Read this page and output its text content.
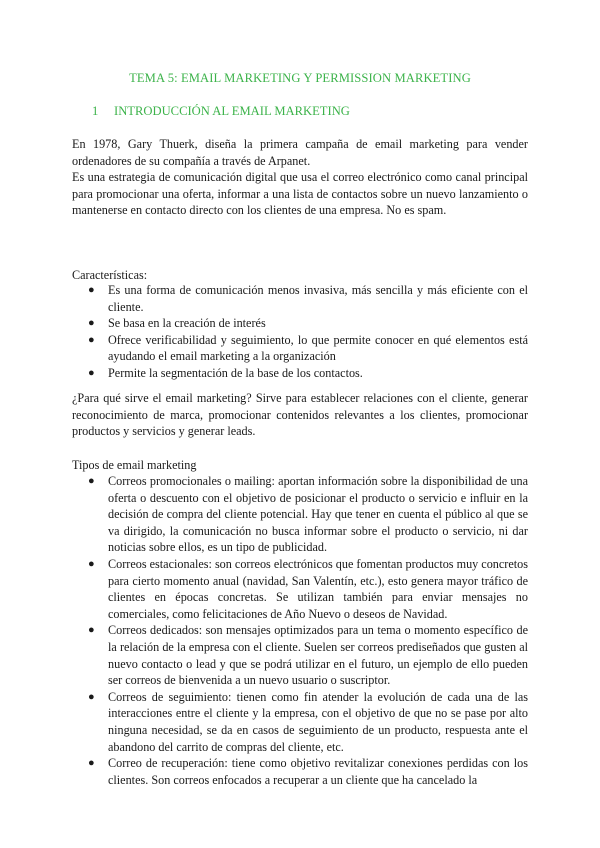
TEMA 5: EMAIL MARKETING Y PERMISSION MARKETING
1 INTRODUCCIÓN AL EMAIL MARKETING

En 1978, Gary Thuerk, diseña la primera campaña de email marketing para vender ordenadores de su compañía a través de Arpanet.

Es una estrategia de comunicación digital que usa el correo electrónico como canal principal para promocionar una oferta, informar a una lista de contactos sobre un nuevo lanzamiento o mantenerse en contacto directo con los clientes de una empresa. No es spam.

Características:
● Es una forma de comunicación menos invasiva, más sencilla y más eficiente con el cliente.
● Se basa en la creación de interés
● Ofrece verificabilidad y seguimiento, lo que permite conocer en qué elementos está ayudando el email marketing a la organización
● Permite la segmentación de la base de los contactos.
¿Para qué sirve el email marketing? Sirve para establecer relaciones con el cliente, generar reconocimiento de marca, promocionar contenidos relevantes a los clientes, promocionar productos y servicios y generar leads.
Tipos de email marketing
● Correos promocionales o mailing: aportan información sobre la disponibilidad de una oferta o descuento con el objetivo de posicionar el producto o servicio e influir en la decisión de compra del cliente potencial. Hay que tener en cuenta el público al que se va dirigido, la comunicación no busca informar sobre el producto o servicio, ni dar noticias sobre ellos, es un tipo de publicidad.
● Correos estacionales: son correos electrónicos que fomentan productos muy concretos para cierto momento anual (navidad, San Valentín, etc.), esto genera mayor tráfico de clientes en épocas concretas. Se utilizan también para enviar mensajes no comerciales, como felicitaciones de Año Nuevo o deseos de Navidad.
● Correos dedicados: son mensajes optimizados para un tema o momento específico de la relación de la empresa con el cliente. Suelen ser correos prediseñados que gusten al nuevo contacto o lead y que se podrá utilizar en el futuro, un ejemplo de ello pueden ser correos de bienvenida a un nuevo usuario o suscriptor.
● Correos de seguimiento: tienen como fin atender la evolución de cada una de las interacciones entre el cliente y la empresa, con el objetivo de que no se pase por alto ninguna necesidad, se da en casos de seguimiento de un producto, respuesta ante el abandono del carrito de compras del cliente, etc.
● Correo de recuperación: tiene como objetivo revitalizar conexiones perdidas con los clientes. Son correos enfocados a recuperar a un cliente que ha cancelado la
